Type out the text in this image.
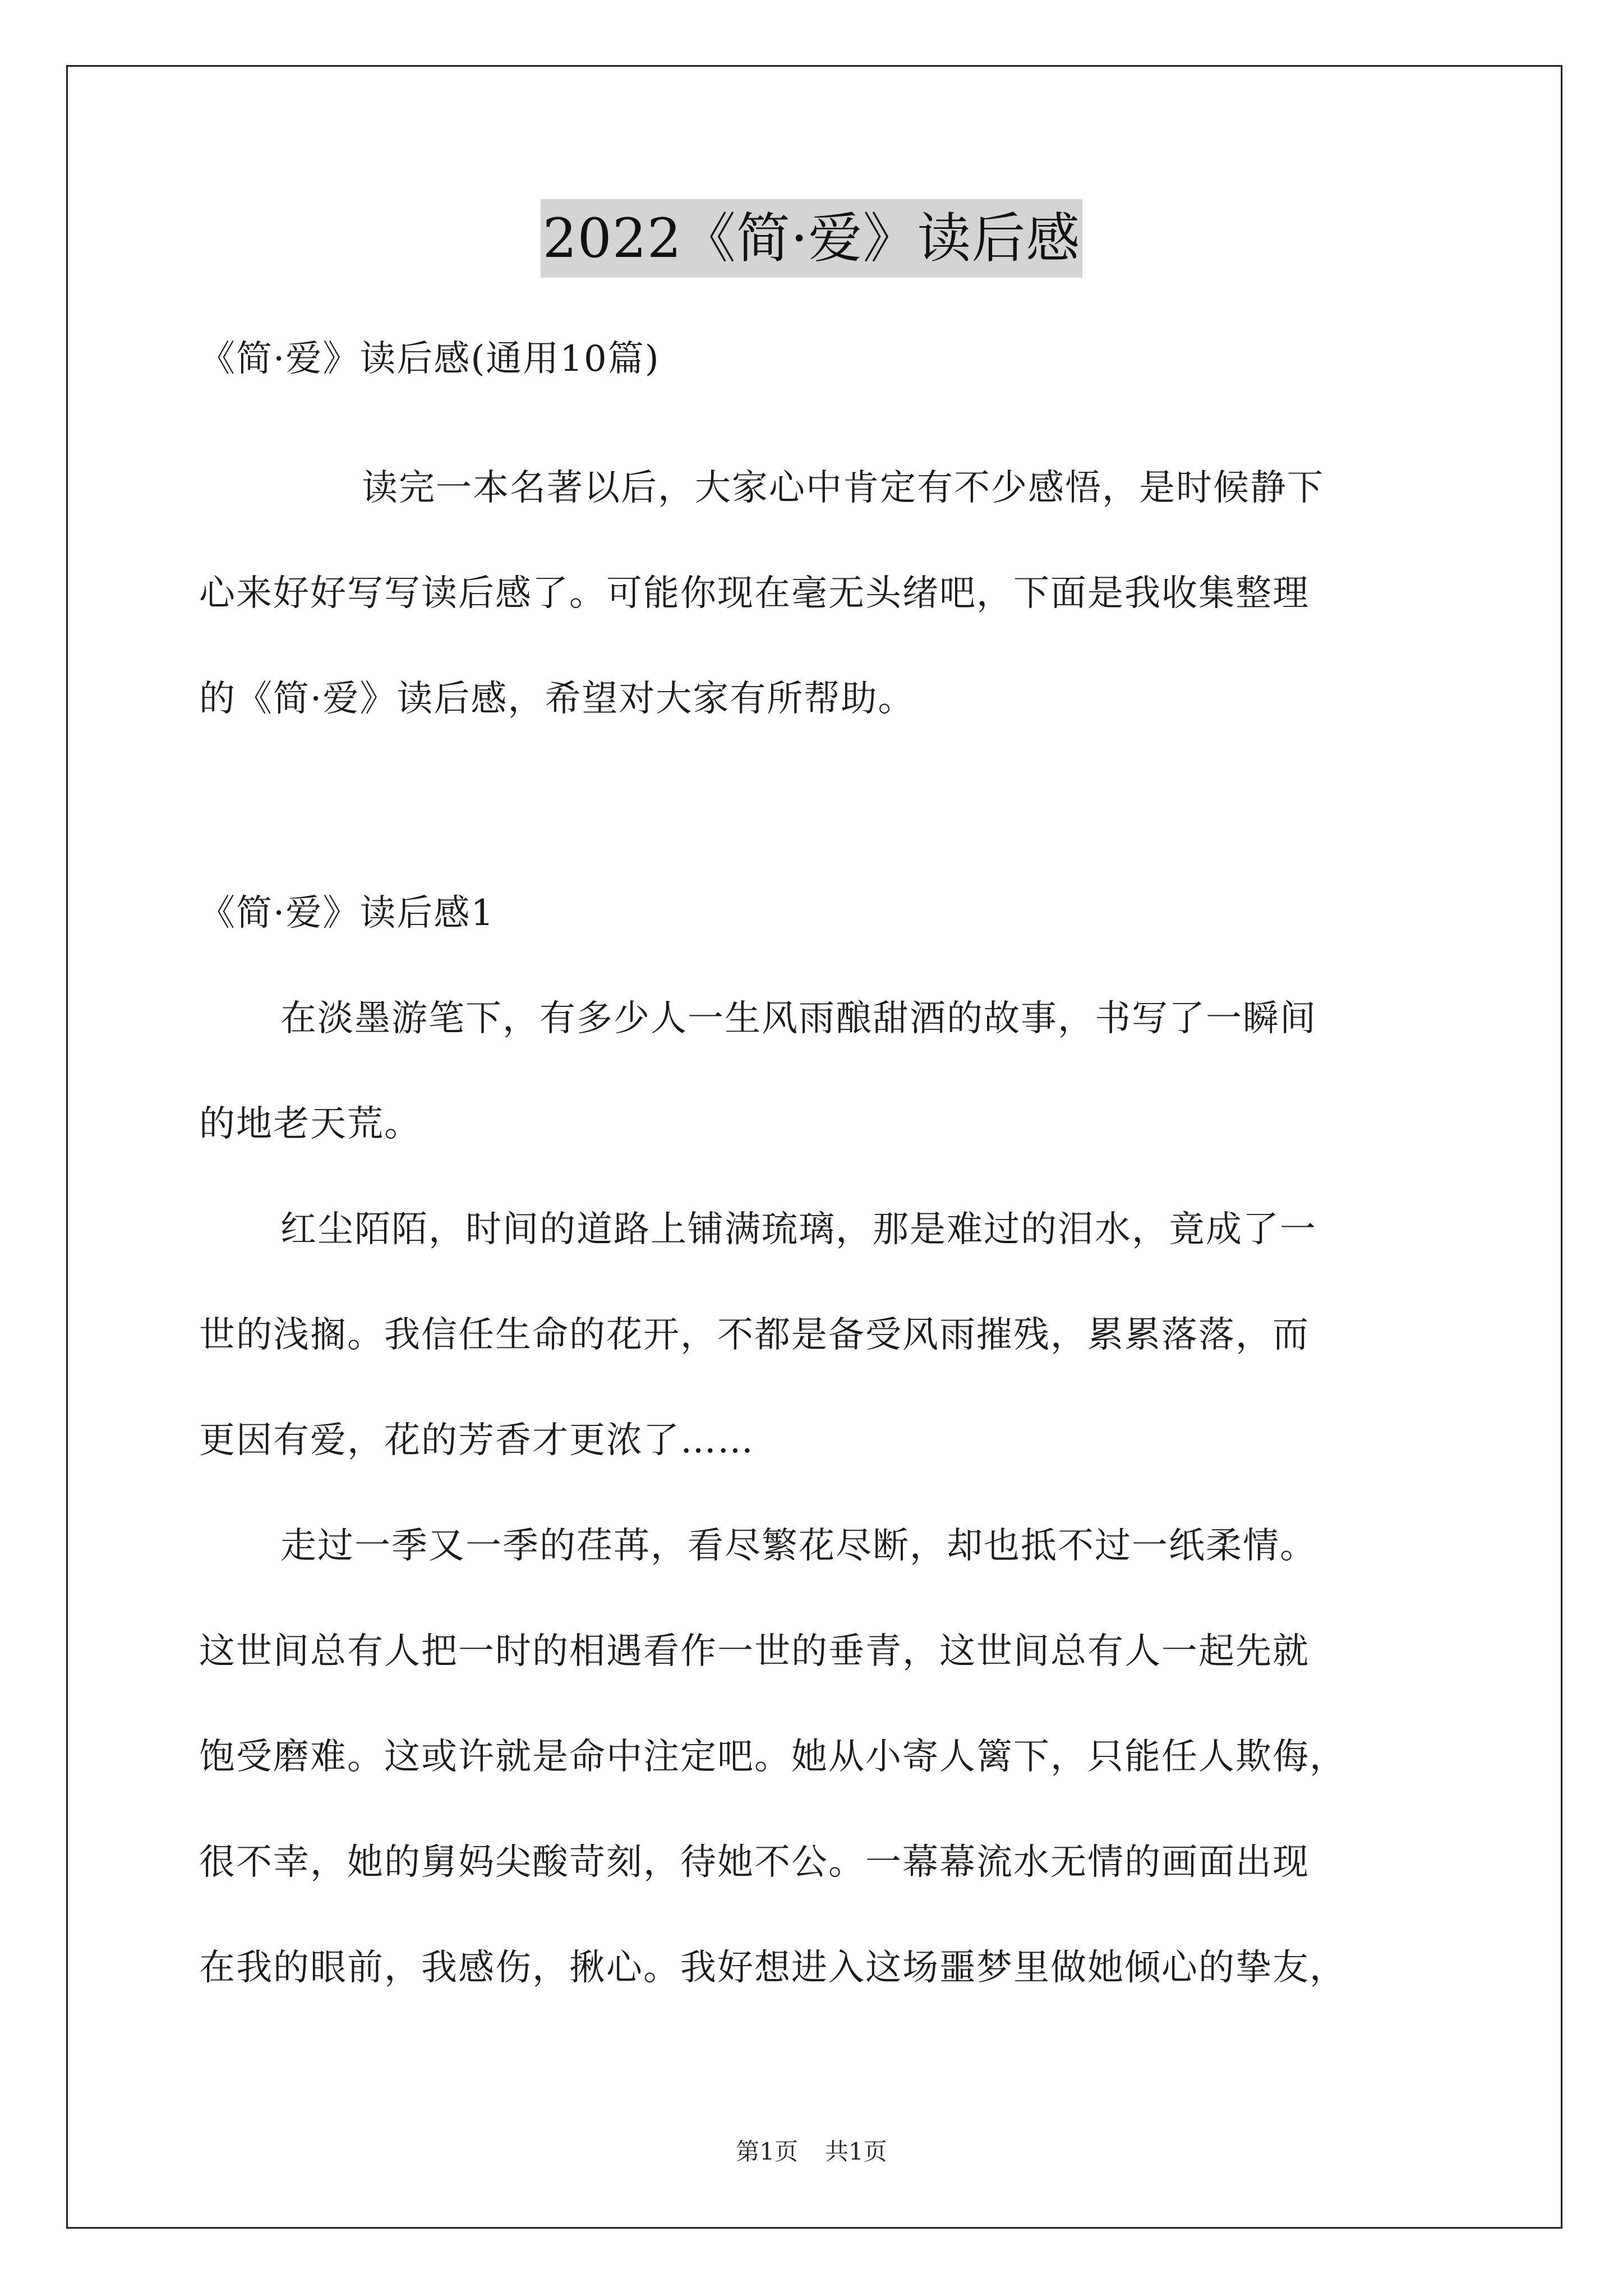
2022《简·爱》读后感
《简·爱》读后感(通用10篇)
读完一本名著以后，大家心中肯定有不少感悟，是时候静下
心来好好写写读后感了。可能你现在毫无头绪吧，下面是我收集整理
的《简·爱》读后感，希望对大家有所帮助。
《简·爱》读后感1
在淡墨游笔下，有多少人一生风雨酿甜酒的故事，书写了一瞬间
的地老天荒。
红尘陌陌，时间的道路上铺满琉璃，那是难过的泪水，竟成了一
世的浅搁。我信任生命的花开，不都是备受风雨摧残，累累落落，而
更因有爱，花的芳香才更浓了……
走过一季又一季的荏苒，看尽繁花尽断，却也抵不过一纸柔情。
这世间总有人把一时的相遇看作一世的垂青，这世间总有人一起先就
饱受磨难。这或许就是命中注定吧。她从小寄人篱下，只能任人欺侮，
很不幸，她的舅妈尖酸苛刻，待她不公。一幕幕流水无情的画面出现
在我的眼前，我感伤，揪心。我好想进入这场噩梦里做她倾心的挚友，
第1页 共1页
